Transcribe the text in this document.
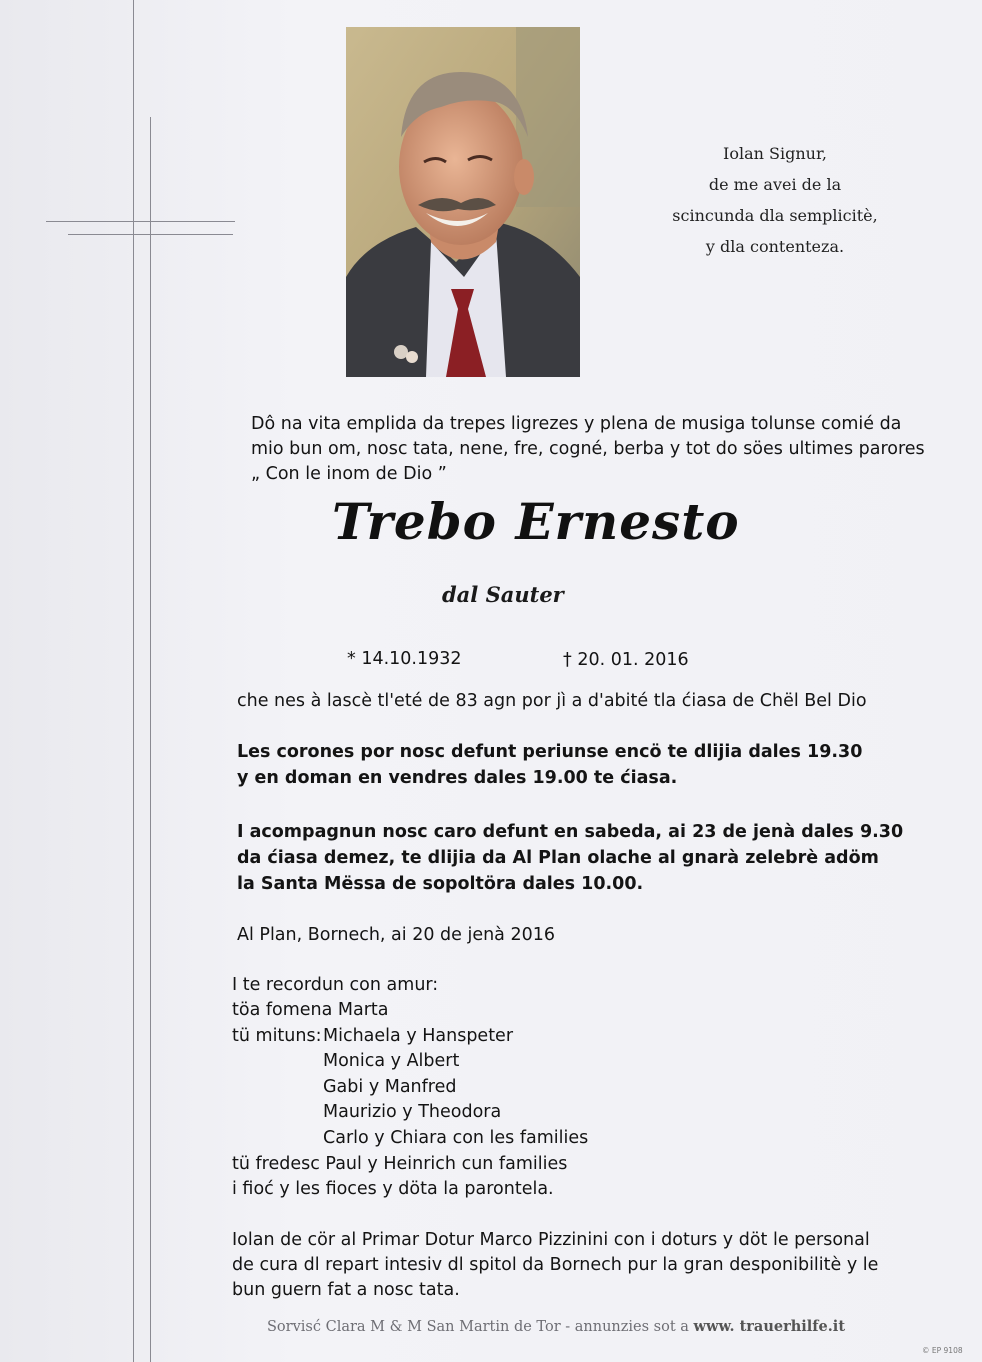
Iolan Signur,
de me avei de la
scincunda dla semplicitè,
y dla contenteza.
Dô na vita emplida da trepes ligrezes y plena de musiga tolunse comié da
mio bun om, nosc tata, nene, fre, cogné, berba y tot do söes ultimes parores
„ Con le inom de Dio ”
Trebo Ernesto
dal Sauter
* 14.10.1932	† 20. 01. 2016
che nes à lascè tl'eté de 83 agn por jì a d'abité tla ćiasa de Chël Bel Dio
Les corones por nosc defunt periunse encö te dlijia dales 19.30
y en doman en vendres dales 19.00 te ćiasa.
I acompagnun nosc caro defunt en sabeda, ai 23 de jenà dales 9.30
da ćiasa demez, te dlijia da Al Plan olache al gnarà zelebrè adöm
la Santa Mëssa de sopoltöra dales 10.00.
Al Plan, Bornech, ai 20 de jenà 2016
I te recordun con amur:
töa fomena Marta
tü mituns: Michaela y Hanspeter
Monica y Albert
Gabi y Manfred
Maurizio y Theodora
Carlo y Chiara con les families
tü fredesc Paul y Heinrich cun families
i fioć y les fioces y döta la parontela.
Iolan de cör al Primar Dotur Marco Pizzinini con i doturs y döt le personal
de cura dl repart intesiv dl spitol da Bornech pur la gran desponibilitè y le
bun guern fat a nosc tata.
Sorvisć Clara M & M San Martin de Tor - annunzies sot a www. trauerhilfe.it
© EP 9108
